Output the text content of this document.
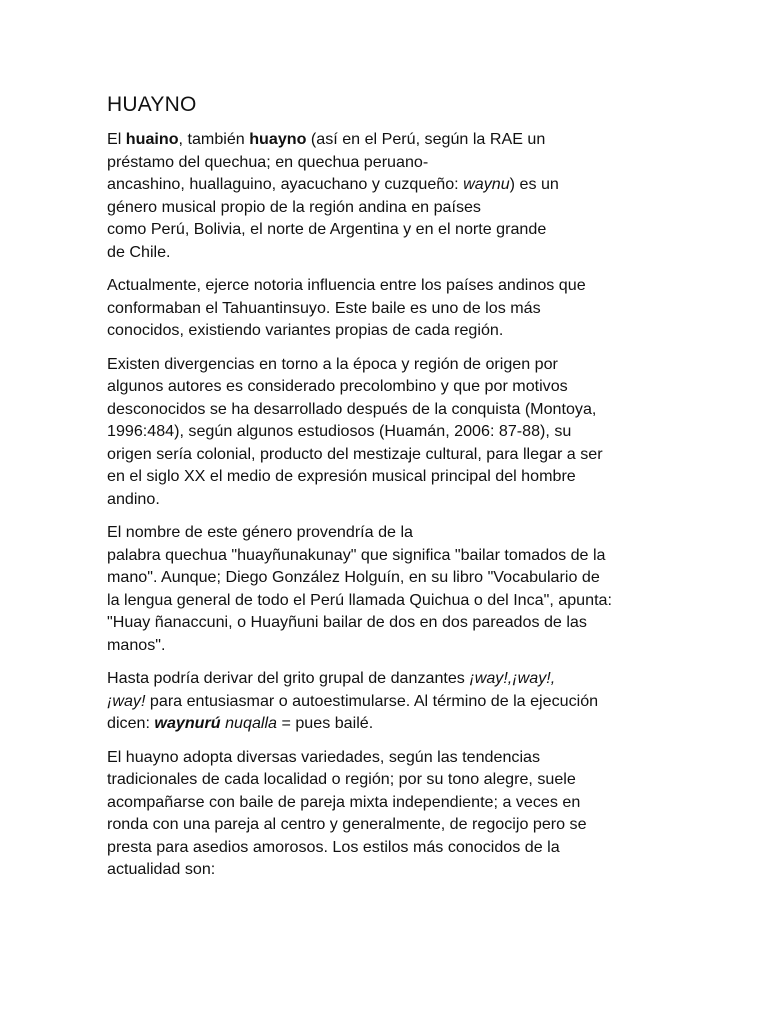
HUAYNO

El huaino, también huayno (así en el Perú, según la RAE un
préstamo del quechua; en quechua peruano-
ancashino, huallaguino, ayacuchano y cuzqueño: waynu) es un
género musical propio de la región andina en países
como Perú, Bolivia, el norte de Argentina y en el norte grande
de Chile.

Actualmente, ejerce notoria influencia entre los países andinos que
conformaban el Tahuantinsuyo. Este baile es uno de los más
conocidos, existiendo variantes propias de cada región.

Existen divergencias en torno a la época y región de origen por
algunos autores es considerado precolombino y que por motivos
desconocidos se ha desarrollado después de la conquista (Montoya,
1996:484), según algunos estudiosos (Huamán, 2006: 87-88), su
origen sería colonial, producto del mestizaje cultural, para llegar a ser
en el siglo XX el medio de expresión musical principal del hombre
andino.

El nombre de este género provendría de la
palabra quechua "huayñunakunay" que significa "bailar tomados de la
mano". Aunque; Diego González Holguín, en su libro "Vocabulario de
la lengua general de todo el Perú llamada Quichua o del Inca", apunta:
"Huay ñanaccuni, o Huayñuni bailar de dos en dos pareados de las
manos".

Hasta podría derivar del grito grupal de danzantes ¡way!,¡way!,
¡way! para entusiasmar o autoestimularse. Al término de la ejecución
dicen: waynurú nuqalla = pues bailé.

El huayno adopta diversas variedades, según las tendencias
tradicionales de cada localidad o región; por su tono alegre, suele
acompañarse con baile de pareja mixta independiente; a veces en
ronda con una pareja al centro y generalmente, de regocijo pero se
presta para asedios amorosos. Los estilos más conocidos de la
actualidad son:
